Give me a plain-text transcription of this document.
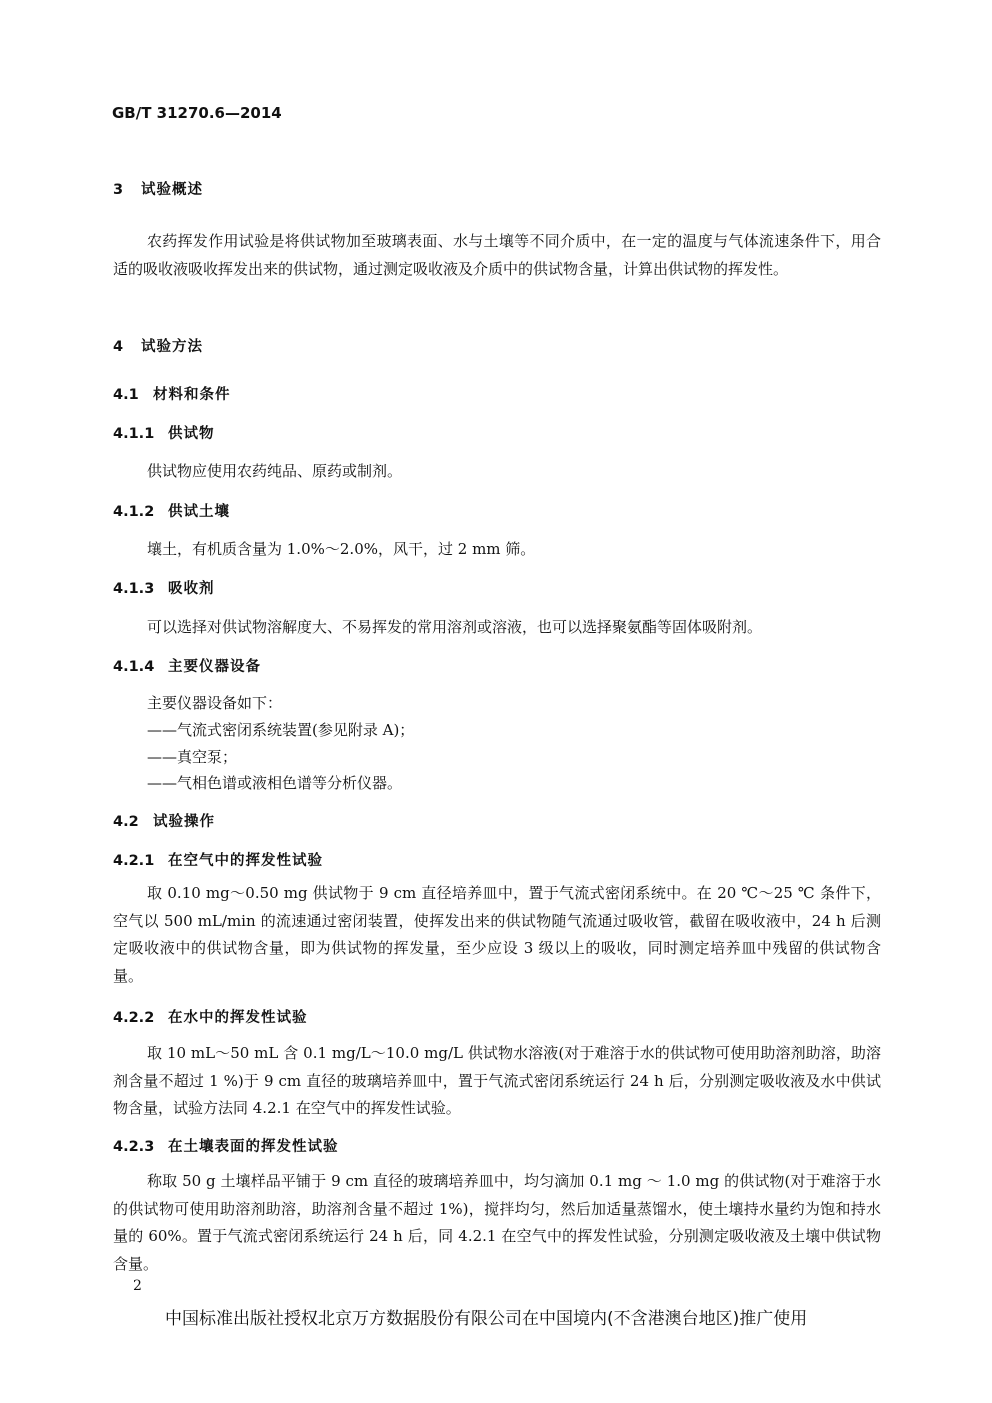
GB/T 31270.6—2014
3 试验概述
农药挥发作用试验是将供试物加至玻璃表面、水与土壤等不同介质中，在一定的温度与气体流速条件下，用合适的吸收液吸收挥发出来的供试物，通过测定吸收液及介质中的供试物含量，计算出供试物的挥发性。
4 试验方法
4.1 材料和条件
4.1.1 供试物
供试物应使用农药纯品、原药或制剂。
4.1.2 供试土壤
壤土，有机质含量为 1.0%～2.0%，风干，过 2 mm 筛。
4.1.3 吸收剂
可以选择对供试物溶解度大、不易挥发的常用溶剂或溶液，也可以选择聚氨酯等固体吸附剂。
4.1.4 主要仪器设备
主要仪器设备如下：
——气流式密闭系统装置(参见附录 A)；
——真空泵；
——气相色谱或液相色谱等分析仪器。
4.2 试验操作
4.2.1 在空气中的挥发性试验
取 0.10 mg～0.50 mg 供试物于 9 cm 直径培养皿中，置于气流式密闭系统中。在 20 ℃～25 ℃ 条件下，空气以 500 mL/min 的流速通过密闭装置，使挥发出来的供试物随气流通过吸收管，截留在吸收液中，24 h 后测定吸收液中的供试物含量，即为供试物的挥发量，至少应设 3 级以上的吸收，同时测定培养皿中残留的供试物含量。
4.2.2 在水中的挥发性试验
取 10 mL～50 mL 含 0.1 mg/L～10.0 mg/L 供试物水溶液(对于难溶于水的供试物可使用助溶剂助溶，助溶剂含量不超过 1 %)于 9 cm 直径的玻璃培养皿中，置于气流式密闭系统运行 24 h 后，分别测定吸收液及水中供试物含量，试验方法同 4.2.1 在空气中的挥发性试验。
4.2.3 在土壤表面的挥发性试验
称取 50 g 土壤样品平铺于 9 cm 直径的玻璃培养皿中，均匀滴加 0.1 mg ～ 1.0 mg 的供试物(对于难溶于水的供试物可使用助溶剂助溶，助溶剂含量不超过 1%)，搅拌均匀，然后加适量蒸馏水，使土壤持水量约为饱和持水量的 60%。置于气流式密闭系统运行 24 h 后，同 4.2.1 在空气中的挥发性试验，分别测定吸收液及土壤中供试物含量。
2
中国标准出版社授权北京万方数据股份有限公司在中国境内(不含港澳台地区)推广使用
